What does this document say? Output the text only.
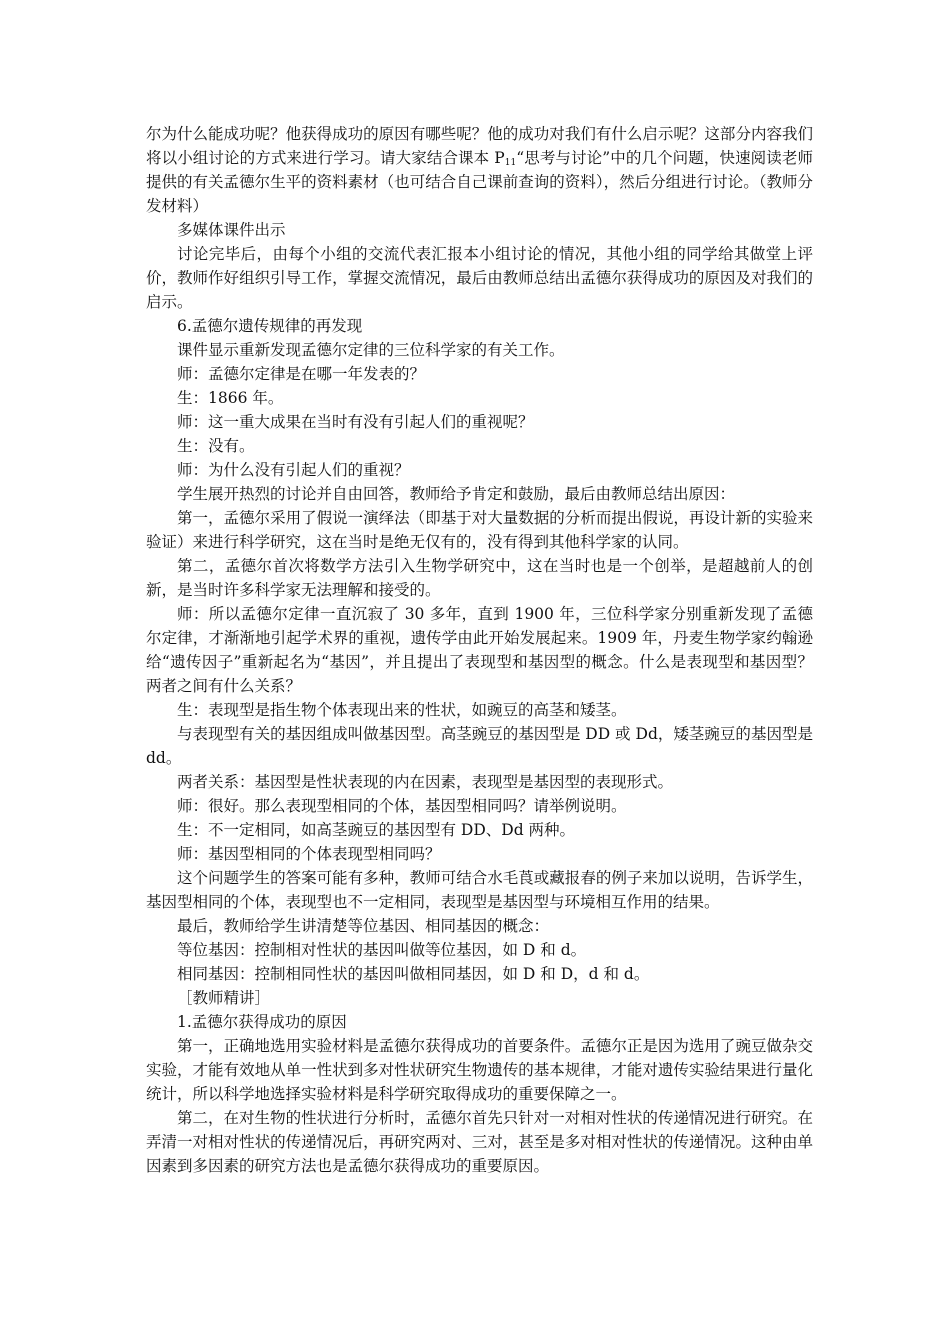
尔为什么能成功呢？他获得成功的原因有哪些呢？他的成功对我们有什么启示呢？这部分内容我们将以小组讨论的方式来进行学习。请大家结合课本 $P_{11}“$思考与讨论”中的几个问题，快速阅读老师提供的有关孟德尔生平的资料素材（也可结合自己课前查询的资料），然后分组进行讨论。（教师分发材料）

多媒体课件出示

讨论完毕后，由每个小组的交流代表汇报本小组讨论的情况，其他小组的同学给其做堂上评价，教师作好组织引导工作，掌握交流情况，最后由教师总结出孟德尔获得成功的原因及对我们的启示。

6.孟德尔遗传规律的再发现

课件显示重新发现孟德尔定律的三位科学家的有关工作。

师：孟德尔定律是在哪一年发表的？

生：1866 年。

师：这一重大成果在当时有没有引起人们的重视呢？

生：没有。

师：为什么没有引起人们的重视？

学生展开热烈的讨论并自由回答，教师给予肯定和鼓励，最后由教师总结出原因：

第一，孟德尔采用了假说一演绎法（即基于对大量数据的分析而提出假说，再设计新的实验来验证）来进行科学研究，这在当时是绝无仅有的，没有得到其他科学家的认同。

第二，孟德尔首次将数学方法引入生物学研究中，这在当时也是一个创举，是超越前人的创新，是当时许多科学家无法理解和接受的。

师：所以孟德尔定律一直沉寂了 30 多年，直到 1900 年，三位科学家分别重新发现了孟德尔定律，才渐渐地引起学术界的重视，遗传学由此开始发展起来。1909 年，丹麦生物学家约翰逊给“遗传因子”重新起名为“基因”，并且提出了表现型和基因型的概念。什么是表现型和基因型？两者之间有什么关系？

生：表现型是指生物个体表现出来的性状，如豌豆的高茎和矮茎。

与表现型有关的基因组成叫做基因型。高茎豌豆的基因型是 DD 或 Dd，矮茎豌豆的基因型是 dd。

两者关系：基因型是性状表现的内在因素，表现型是基因型的表现形式。

师：很好。那么表现型相同的个体，基因型相同吗？请举例说明。

生：不一定相同，如高茎豌豆的基因型有 DD、Dd 两种。

师：基因型相同的个体表现型相同吗？

这个问题学生的答案可能有多种，教师可结合水毛莨或藏报春的例子来加以说明，告诉学生，基因型相同的个体，表现型也不一定相同，表现型是基因型与环境相互作用的结果。

最后，教师给学生讲清楚等位基因、相同基因的概念：

等位基因：控制相对性状的基因叫做等位基因，如 D 和 d。

相同基因：控制相同性状的基因叫做相同基因，如 D 和 D，d 和 d。

［教师精讲］

1.孟德尔获得成功的原因

第一，正确地选用实验材料是孟德尔获得成功的首要条件。孟德尔正是因为选用了豌豆做杂交实验，才能有效地从单一性状到多对性状研究生物遗传的基本规律，才能对遗传实验结果进行量化统计，所以科学地选择实验材料是科学研究取得成功的重要保障之一。

第二，在对生物的性状进行分析时，孟德尔首先只针对一对相对性状的传递情况进行研究。在弄清一对相对性状的传递情况后，再研究两对、三对，甚至是多对相对性状的传递情况。这种由单因素到多因素的研究方法也是孟德尔获得成功的重要原因。
